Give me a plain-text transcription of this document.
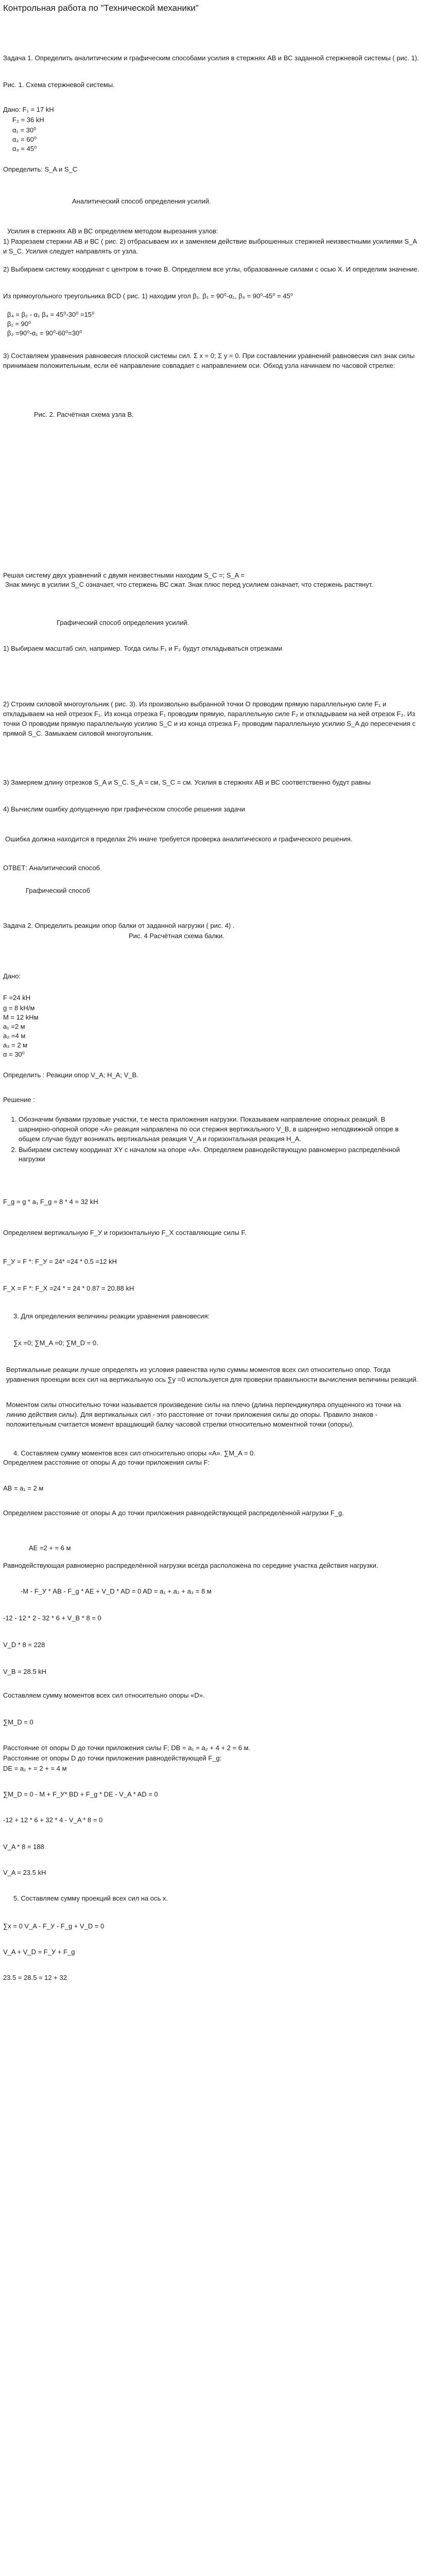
Контрольная работа по "Технической механики"
Задача 1. Определить аналитическим и графическим способами усилия в стержнях АВ и ВС заданной стержневой системы ( рис. 1).
Рис. 1. Схема стержневой системы.
Дано: F₁ = 17 kH
F₂ = 36 kH
α₁ = 30⁰
α₂ = 60⁰
α₃ = 45⁰
Определить: S_A и S_C
Аналитический способ определения усилий.
Усилия в стержнях АВ и ВС определяем методом вырезания узлов:
1) Разрезаем стержни АВ и ВС ( рис. 2) отбрасываем их и заменяем действие выброшенных стержней неизвестными усилиями S_A и S_C. Усилия следует направлять от узла.
2) Выбираем систему координат с центром в точке В. Определяем все углы, образованные силами с осью Х. И определим значение.
Из прямоугольного треугольника BCD ( рис. 1) находим угол β₁. β₁ = 90⁰-α₁, β₃ = 90⁰-45⁰ = 45⁰
β₄ = β₂ - α₁ β₄ = 45⁰-30⁰ =15⁰
β₁ = 90⁰
β₂ =90⁰-α₁ = 90⁰-60⁰=30⁰
3) Составляем уравнения равновесия плоской системы сил. Σ x = 0; Σ y = 0. При составлении уравнений равновесия сил знак силы принимаем положительным, если её направление совпадает с направлением оси. Обход узла начинаем по часовой стрелке:
Рис. 2. Расчётная схема узла В.
Решая систему двух уравнений с двумя неизвестными находим S_C =; S_A =
Знак минус в усилии S_C означает, что стержень ВС сжат. Знак плюс перед усилием означает, что стержень растянут.
Графический способ определения усилий.
1) Выбираем масштаб сил, например. Тогда силы F₁ и F₂ будут откладываться отрезками
2) Строим силовой многоугольник ( рис. 3). Из произвольно выбранной точки О проводим прямую параллельную силе F₁ и откладываем на ней отрезок F₁. Из конца отрезка F₁ проводим прямую, параллельную силе F₂ и откладываем на ней отрезок F₂. Из точки О проводим прямую параллельную усилию S_C и из конца отрезка F₂ проводим параллельную усилию S_A до пересечения с прямой S_C. Замыкаем силовой многоугольник.
3) Замеряем длину отрезков S_A и S_C. S_A = см, S_C = см. Усилия в стержнях АВ и ВС соответственно будут равны
4) Вычислим ошибку допущенную при графическом способе решения задачи
Ошибка должна находится в пределах 2% иначе требуется проверка аналитического и графического решения.
ОТВЕТ: Аналитический способ
Графический способ
Задача 2. Определить реакции опор балки от заданной нагрузки ( рис. 4) .
Рис. 4 Расчётная схема балки.
Дано:
F =24 kH
g = 8 kH/м
M = 12 kHм
a₁ =2 м
a₂ =4 м
a₃ = 2 м
α = 30⁰
Определить : Реакции опор V_A; H_A; V_B.
Решение :
1. Обозначим буквами грузовые участки, т.е места приложения нагрузки. Показываем направление опорных реакций. В шарнирно-опорной опоре «А» реакция направлена по оси стержня вертикального V_B, в шарнирно неподвижной опоре в общем случае будут возникать вертикальная реакция V_A и горизонтальная реакция H_A.
2. Выбираем систему координат XY с началом на опоре «А». Определяем равнодействующую равномерно распределённой нагрузки
F_g = g * a₁ F_g = 8 * 4 = 32 kH
Определяем вертикальную F_У и горизонтальную F_X составляющие силы F.
F_У = F *: F_У = 24* =24 * 0.5 =12 kH
F_X = F *: F_X =24 * = 24 * 0.87 = 20.88 kH
3. Для определения величины реакции уравнения равновесия:
∑x =0; ∑M_A =0; ∑M_D = 0.
Вертикальные реакции лучше определять из условия равенства нулю суммы моментов всех сил относительно опор. Тогда уравнения проекции всех сил на вертикальную ось ∑y =0 используется для проверки правильности вычисления величины реакций.
Моментом силы относительно точки называется произведение силы на плечо (длина перпендикуляра опущенного из точки на линию действия силы). Для вертикальных сил - это расстояние от точки приложения силы до опоры. Правило знаков - положительным считается момент вращающий балку часовой стрелки относительно моментной точки (опоры).
4. Составляем сумму моментов всех сил относительно опоры «A». ∑M_A = 0.
Определяем расстояние от опоры А до точки приложения силы F:
AB = a₁ = 2 м
Определяем расстояние от опоры А до точки приложения равнодействующей распределённой нагрузки F_g.
AE =2 + = 6 м
Равнодействующая равномерно распределённой нагрузки всегда расположена по середине участка действия нагрузки.
-M - F_У * AB - F_g * AE + V_D * AD = 0 AD = a₁ + a₂ + a₃ = 8 м
-12 - 12 * 2 - 32 * 6 + V_B * 8 = 0
V_D * 8 = 228
V_B = 28.5 kH
Составляем сумму моментов всех сил относительно опоры «D».
∑M_D = 0
Расстояние от опоры D до точки приложения силы F; DB = a₁ = a₂ + 4 + 2 = 6 м.
Расстояние от опоры D до точки приложения равнодействующей F_g:
DE = a₁ + = 2 + = 4 м
∑M_D = 0 - M + F_У* BD + F_g * DE - V_A * AD = 0
-12 + 12 * 6 + 32 * 4 - V_A * 8 = 0
V_A * 8 = 188
V_A = 23.5 kH
5. Составляем сумму проекций всех сил на ось х.
∑x = 0 V_A - F_У - F_g + V_D = 0
V_A + V_D = F_У + F_g
23.5 = 28.5 = 12 + 32
